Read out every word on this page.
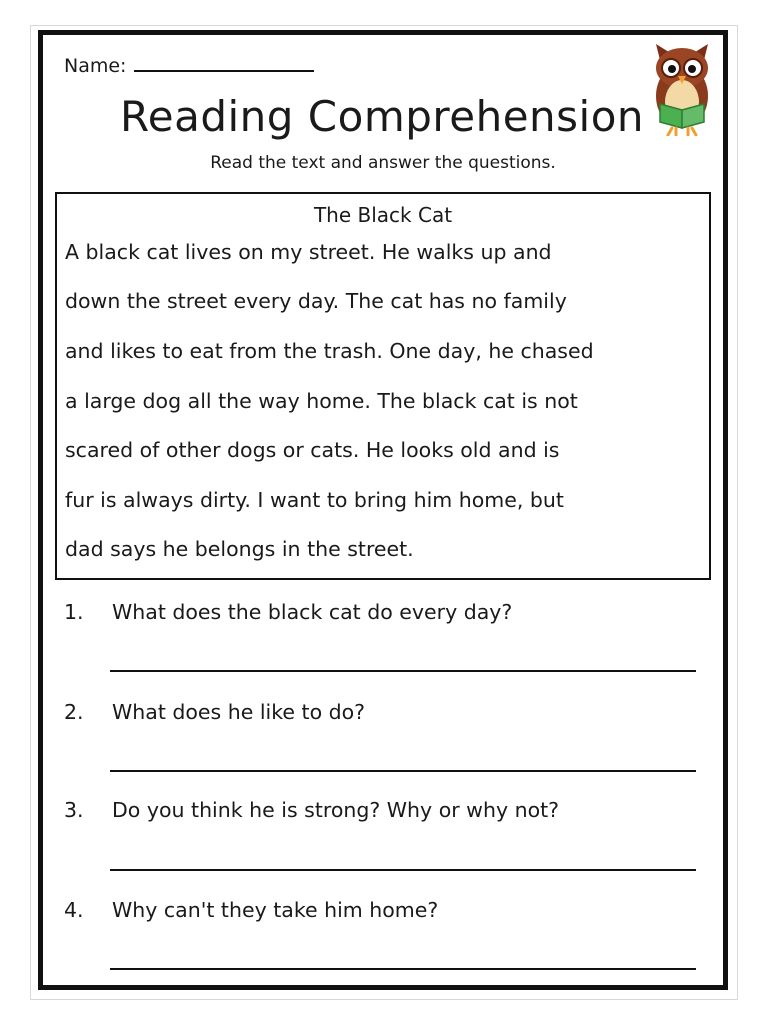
Name:
Reading Comprehension
Read the text and answer the questions.
The Black Cat
A black cat lives on my street. He walks up and
down the street every day. The cat has no family
and likes to eat from the trash. One day, he chased
a large dog all the way home. The black cat is not
scared of other dogs or cats. He looks old and is
fur is always dirty. I want to bring him home, but
dad says he belongs in the street.
1. What does the black cat do every day?
2. What does he like to do?
3. Do you think he is strong? Why or why not?
4. Why can't they take him home?
